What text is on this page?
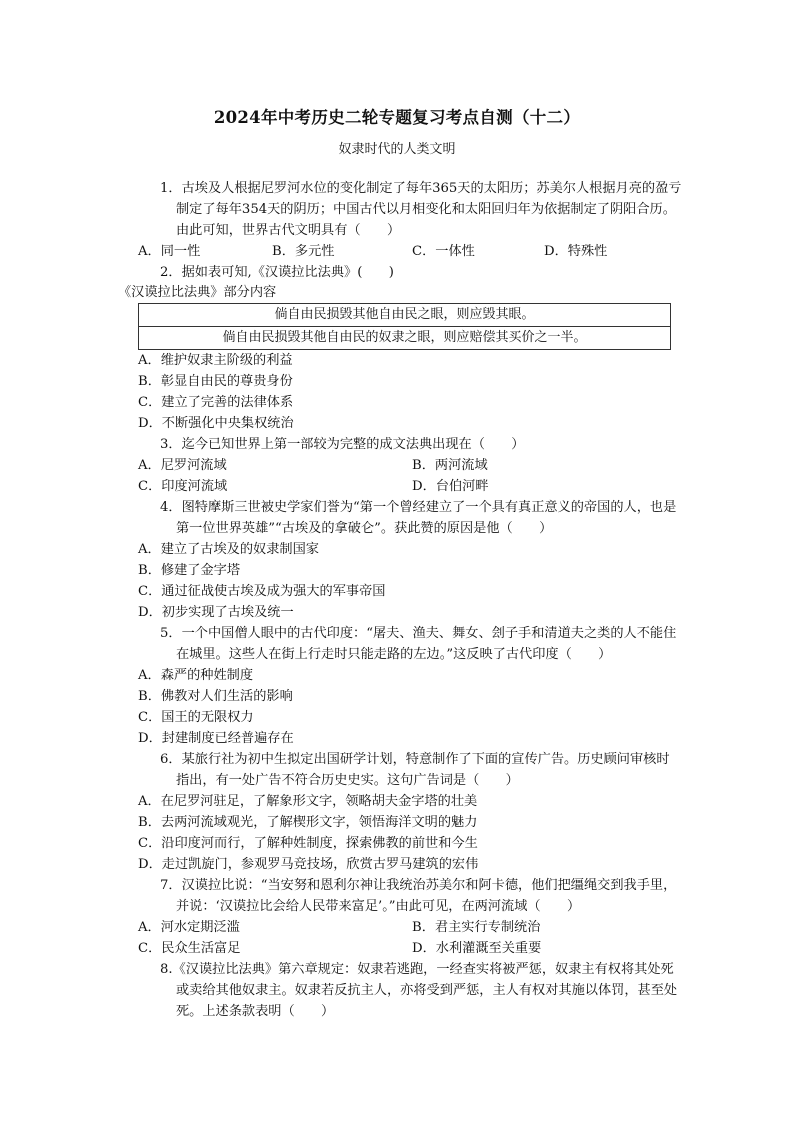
2024年中考历史二轮专题复习考点自测（十二）
奴隶时代的人类文明
1．古埃及人根据尼罗河水位的变化制定了每年365天的太阳历；苏美尔人根据月亮的盈亏制定了每年354天的阴历；中国古代以月相变化和太阳回归年为依据制定了阴阳合历。由此可知，世界古代文明具有（　　）
A．同一性	B．多元性	C．一体性	D．特殊性
2．据如表可知,《汉谟拉比法典》(　　)
《汉谟拉比法典》部分内容
倘自由民损毁其他自由民之眼，则应毁其眼。
倘自由民损毁其他自由民的奴隶之眼，则应赔偿其买价之一半。
A．维护奴隶主阶级的利益
B．彰显自由民的尊贵身份
C．建立了完善的法律体系
D．不断强化中央集权统治
3．迄今已知世界上第一部较为完整的成文法典出现在（　　）
A．尼罗河流域	B．两河流域
C．印度河流域	D．台伯河畔
4．图特摩斯三世被史学家们誉为“第一个曾经建立了一个具有真正意义的帝国的人，也是第一位世界英雄”“古埃及的拿破仑”。获此赞的原因是他（　　）
A．建立了古埃及的奴隶制国家
B．修建了金字塔
C．通过征战使古埃及成为强大的军事帝国
D．初步实现了古埃及统一
5．一个中国僧人眼中的古代印度：“屠夫、渔夫、舞女、刽子手和清道夫之类的人不能住在城里。这些人在街上行走时只能走路的左边。”这反映了古代印度（　　）
A．森严的种姓制度
B．佛教对人们生活的影响
C．国王的无限权力
D．封建制度已经普遍存在
6．某旅行社为初中生拟定出国研学计划，特意制作了下面的宣传广告。历史顾问审核时指出，有一处广告不符合历史史实。这句广告词是（　　）
A．在尼罗河驻足，了解象形文字，领略胡夫金字塔的壮美
B．去两河流域观光，了解楔形文字，领悟海洋文明的魅力
C．沿印度河而行，了解种姓制度，探索佛教的前世和今生
D．走过凯旋门，参观罗马竞技场，欣赏古罗马建筑的宏伟
7．汉谟拉比说：“当安努和恩利尔神让我统治苏美尔和阿卡德，他们把缰绳交到我手里，并说：‘汉谟拉比会给人民带来富足’。”由此可见，在两河流域（　　）
A．河水定期泛滥	B．君主实行专制统治
C．民众生活富足	D．水利灌溉至关重要
8.《汉谟拉比法典》第六章规定：奴隶若逃跑，一经查实将被严惩，奴隶主有权将其处死或卖给其他奴隶主。奴隶若反抗主人，亦将受到严惩，主人有权对其施以体罚，甚至处死。上述条款表明（　　）
